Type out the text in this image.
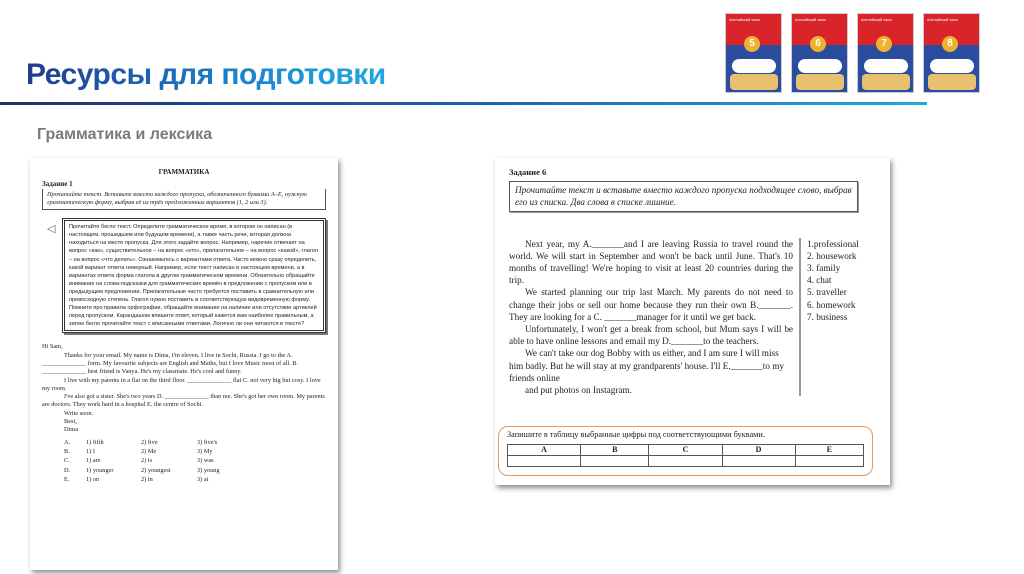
Ресурсы для подготовки
Грамматика и лексика
Английский язык
5
Английский язык
6
Английский язык
7
Английский язык
8
ГРАММАТИКА
Задание 1
Прочитайте текст. Вставьте вместо каждого пропуска, обозначенного буквами A–E, нужную грамматическую форму, выбрав её из трёх предложенных вариантов (1, 2 или 3).
◁ Прочитайте бегло текст. Определите грамматическое время, в котором он написан (в настоящем, прошедшем или будущем времени), а также часть речи, которая должна находиться на месте пропуска. Для этого задайте вопрос. Например, наречие отвечает на вопрос «как», существительное – на вопрос «кто», прилагательное – на вопрос «какой», глагол – на вопрос «что делать». Ознакомьтесь с вариантами ответа. Часто можно сразу определить, какой вариант ответа неверный. Например, если текст написан в настоящем времени, а в вариантах ответа форма глагола в другом грамматическом времени. Обязательно обращайте внимание на слова-подсказки для грамматических времён в предложении с пропуском или в предыдущем предложении. Прилагательные часто требуется поставить в сравнительную или превосходную степень. Глагол нужно поставить в соответствующую видовременную форму. Помните про правила орфографии, обращайте внимание на наличие или отсутствие артиклей перед пропуском. Карандашом впишите ответ, который кажется вам наиболее правильным, а затем бегло прочитайте текст с вписанными ответами. Логично ли они читаются в тексте?
Hi Sam,

Thanks for your email. My name is Dima, I'm eleven. I live in Sochi, Russia. I go to the A. ______________ form. My favourite subjects are English and Maths, but I love Music most of all. B. ______________ best friend is Vanya. He's my classmate. He's cool and funny.

I live with my parents in a flat on the third floor. ______________ flat C. not very big but cosy. I love my room.

I've also got a sister. She's two years D. ______________ than me. She's got her own room. My parents are doctors. They work hard in a hospital E. the centre of Sochi.

Write soon.
Best,
Dima
A.	1) fifth	2) five	3) five's
B.	1) I	2) Me	3) My
C.	1) are	2) is	3) was
D.	1) younger	2) youngest	3) young
E.	1) on	2) in	3) at
Задание 6
Прочитайте текст и вставьте вместо каждого пропуска подходящее слово, выбрав его из списка. Два слова в списке лишние.

Next year, my A._______and I are leaving Russia to travel round the world. We will start in September and won't be back until June. That's 10 months of travelling! We're hoping to visit at least 20 countries during the trip.

We started planning our trip last March. My parents do not need to change their jobs or sell our home because they run their own B._______. They are looking for a C. _______manager for it until we get back.

Unfortunately, I won't get a break from school, but Mum says I will be able to have online lessons and email my D._______to the teachers.

We can't take our dog Bobby with us either, and I am sure I will miss him badly. But he will stay at my grandparents' house. I'll E._______to my friends online

and put photos on Instagram.

1.professional
2. housework
3. family
4. chat
5. traveller
6. homework
7. business
Запишите в таблицу выбранные цифры под соответствующими буквами.
A	B	C	D	E
